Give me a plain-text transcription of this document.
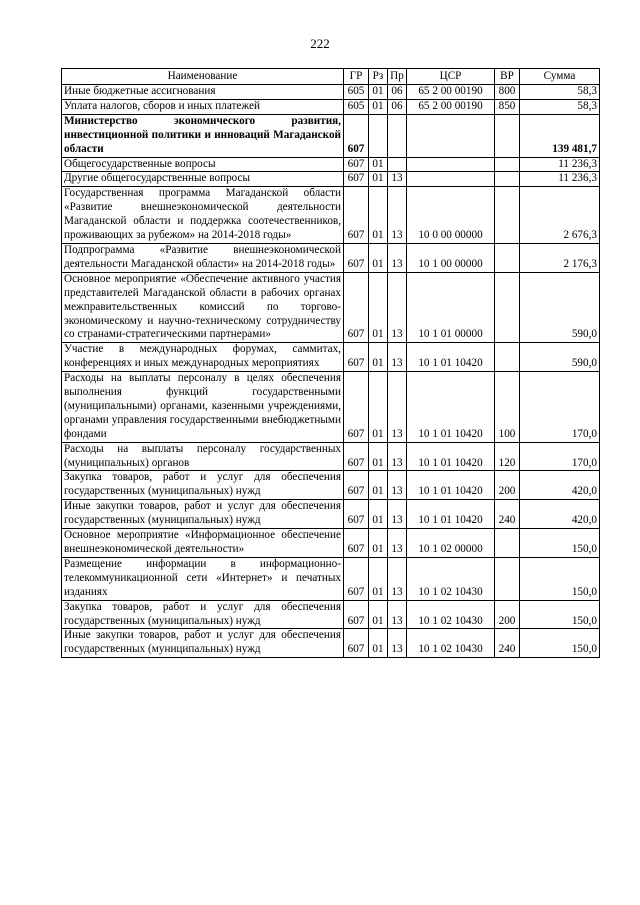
222
Наименование	ГР	Рз	Пр	ЦСР	ВР	Сумма
Иные бюджетные ассигнования	605	01	06	65 2 00 00190	800	58,3
Уплата налогов, сборов и иных платежей	605	01	06	65 2 00 00190	850	58,3
Министерство экономического развития, инвестиционной политики и инноваций Магаданской области	607					139 481,7
Общегосударственные вопросы	607	01				11 236,3
Другие общегосударственные вопросы	607	01	13			11 236,3
Государственная программа Магаданской области «Развитие внешнеэкономической деятельности Магаданской области и поддержка соотечественников, проживающих за рубежом» на 2014-2018 годы»	607	01	13	10 0 00 00000		2 676,3
Подпрограмма «Развитие внешнеэкономической деятельности Магаданской области» на 2014-2018 годы»	607	01	13	10 1 00 00000		2 176,3
Основное мероприятие «Обеспечение активного участия представителей Магаданской области в рабочих органах межправительственных комиссий по торгово-экономическому и научно-техническому сотрудничеству со странами-стратегическими партнерами»	607	01	13	10 1 01 00000		590,0
Участие в международных форумах, саммитах, конференциях и иных международных мероприятиях	607	01	13	10 1 01 10420		590,0
Расходы на выплаты персоналу в целях обеспечения выполнения функций государственными (муниципальными) органами, казенными учреждениями, органами управления государственными внебюджетными фондами	607	01	13	10 1 01 10420	100	170,0
Расходы на выплаты персоналу государственных (муниципальных) органов	607	01	13	10 1 01 10420	120	170,0
Закупка товаров, работ и услуг для обеспечения государственных (муниципальных) нужд	607	01	13	10 1 01 10420	200	420,0
Иные закупки товаров, работ и услуг для обеспечения государственных (муниципальных) нужд	607	01	13	10 1 01 10420	240	420,0
Основное мероприятие «Информационное обеспечение внешнеэкономической деятельности»	607	01	13	10 1 02 00000		150,0
Размещение информации в информационно-телекоммуникационной сети «Интернет» и печатных изданиях	607	01	13	10 1 02 10430		150,0
Закупка товаров, работ и услуг для обеспечения государственных (муниципальных) нужд	607	01	13	10 1 02 10430	200	150,0
Иные закупки товаров, работ и услуг для обеспечения государственных (муниципальных) нужд	607	01	13	10 1 02 10430	240	150,0
